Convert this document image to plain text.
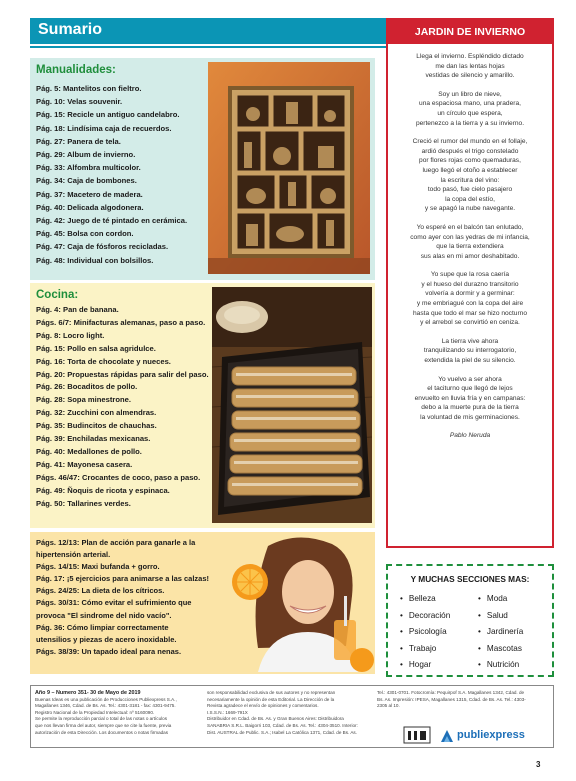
Sumario
Manualidades:
Pág. 5: Mantelitos con fieltro.
Pág. 10: Velas souvenir.
Pág. 15: Recicle un antiguo candelabro.
Pág. 18: Lindísima caja de recuerdos.
Pág. 27: Panera de tela.
Pág. 29: Album de invierno.
Pág. 33: Alfombra multicolor.
Pág. 34: Caja de bombones.
Pág. 37: Macetero de madera.
Pág. 40: Delicada algodonera.
Pág. 42: Juego de té pintado en cerámica.
Pág. 45: Bolsa con cordon.
Pág. 47: Caja de fósforos recicladas.
Pág. 48: Individual con bolsillos.
Cocina:
Pág. 4: Pan de banana.
Págs. 6/7: Minifacturas alemanas, paso a paso.
Pág. 8: Locro light.
Pág. 15: Pollo en salsa agridulce.
Pág. 16: Torta de chocolate y nueces.
Pág. 20: Propuestas rápidas para salir del paso.
Pág. 26: Bocaditos de pollo.
Pág. 28: Sopa minestrone.
Pág. 32: Zucchini con almendras.
Pág. 35: Budincitos de chauchas.
Pág. 39: Enchiladas mexicanas.
Pág. 40: Medallones de pollo.
Pág. 41: Mayonesa casera.
Págs. 46/47: Crocantes de coco, paso a paso.
Pág. 49: Ñoquis de ricota y espinaca.
Pág. 50: Tallarines verdes.
Págs. 12/13: Plan de acción para ganarle a la
hipertensión arterial.
Págs. 14/15: Maxi bufanda + gorro.
Pág. 17: ¡5 ejercicios para animarse a las calzas!
Págs. 24/25: La dieta de los cítricos.
Págs. 30/31: Cómo evitar el sufrimiento que
provoca "El sindrome del nido vacío".
Pág. 36: Cómo limpiar correctamente
utensilios y piezas de acero inoxidable.
Págs. 38/39: Un tapado ideal para nenas.
JARDIN DE INVIERNO
Llega el invierno. Espléndido dictado
me dan las lentas hojas
vestidas de silencio y amarillo.
Soy un libro de nieve,
una espaciosa mano, una pradera,
un círculo que espera,
pertenezco a la tierra y a su invierno.
Creció el rumor del mundo en el follaje,
ardió después el trigo constelado
por flores rojas como quemaduras,
luego llegó el otoño a establecer
la escritura del vino:
todo pasó, fue cielo pasajero
la copa del estío,
y se apagó la nube navegante.
Yo esperé en el balcón tan enlutado,
como ayer con las yedras de mi infancia,
que la tierra extendiera
sus alas en mi amor deshabitado.
Yo supe que la rosa caería
y el hueso del durazno transitorio
volvería a dormir y a germinar:
y me embriagué con la copa del aire
hasta que todo el mar se hizo nocturno
y el arrebol se convirtió en ceniza.
La tierra vive ahora
tranquilizando su interrogatorio,
extendida la piel de su silencio.
Yo vuelvo a ser ahora
el taciturno que llegó de lejos
envuelto en lluvia fría y en campanas:
debo a la muerte pura de la tierra
la voluntad de mis germinaciones.
Pablo Neruda
Y MUCHAS SECCIONES MAS:
• Belleza
• Decoración
• Psicología
• Trabajo
• Hogar
• Moda
• Salud
• Jardinería
• Mascotas
• Nutrición

Año 9 – Numero 351- 30 de Mayo de 2019

Buenas Ideas es una publicación de Producciones Publiexpress S.A.,

Magallanes 1346, Cdad. de Bs. As. Tel.: 4301-3181 - fax: 4301-9475.

Registro Nacional de la Propiedad Intelectual: nº 5160090.

Se permite la reproducción parcial o total de las notas o artículos

que nos llevan firma del autor, siempre que se cite la fuente, previa

autorización de esta Dirección. Los documentos o notas firmadas

son responsabilidad exclusiva de sus autores y no representan

necesariamente la opinión de esta Editorial. La Dirección de la

Revista agradece el envío de opiniones y comentarios.

I.S.S.N.: 1669-791X

Distribuidor en Cdad. de Bs. As. y Gran Buenos Aires: Distribuidora

SANABRIA S.R.L. Baigorri 103, Cdad. de Bs. As. Tel.: 4304-3510. Interior:

Dist. AUSTRAL de Public. S.A.; Isabel La Católica 1371, Cdad. de Bs. As.

Tel.: 4301-0701. Fotocromía: Pequirpof S.A. Magallanes 1342, Cdad. de

Bs. As. Impresión: IPESA, Magallanes 1315, Cdad. de Bs. As. Tel.: 4303-

2305 al 10.

publiexpress
3
